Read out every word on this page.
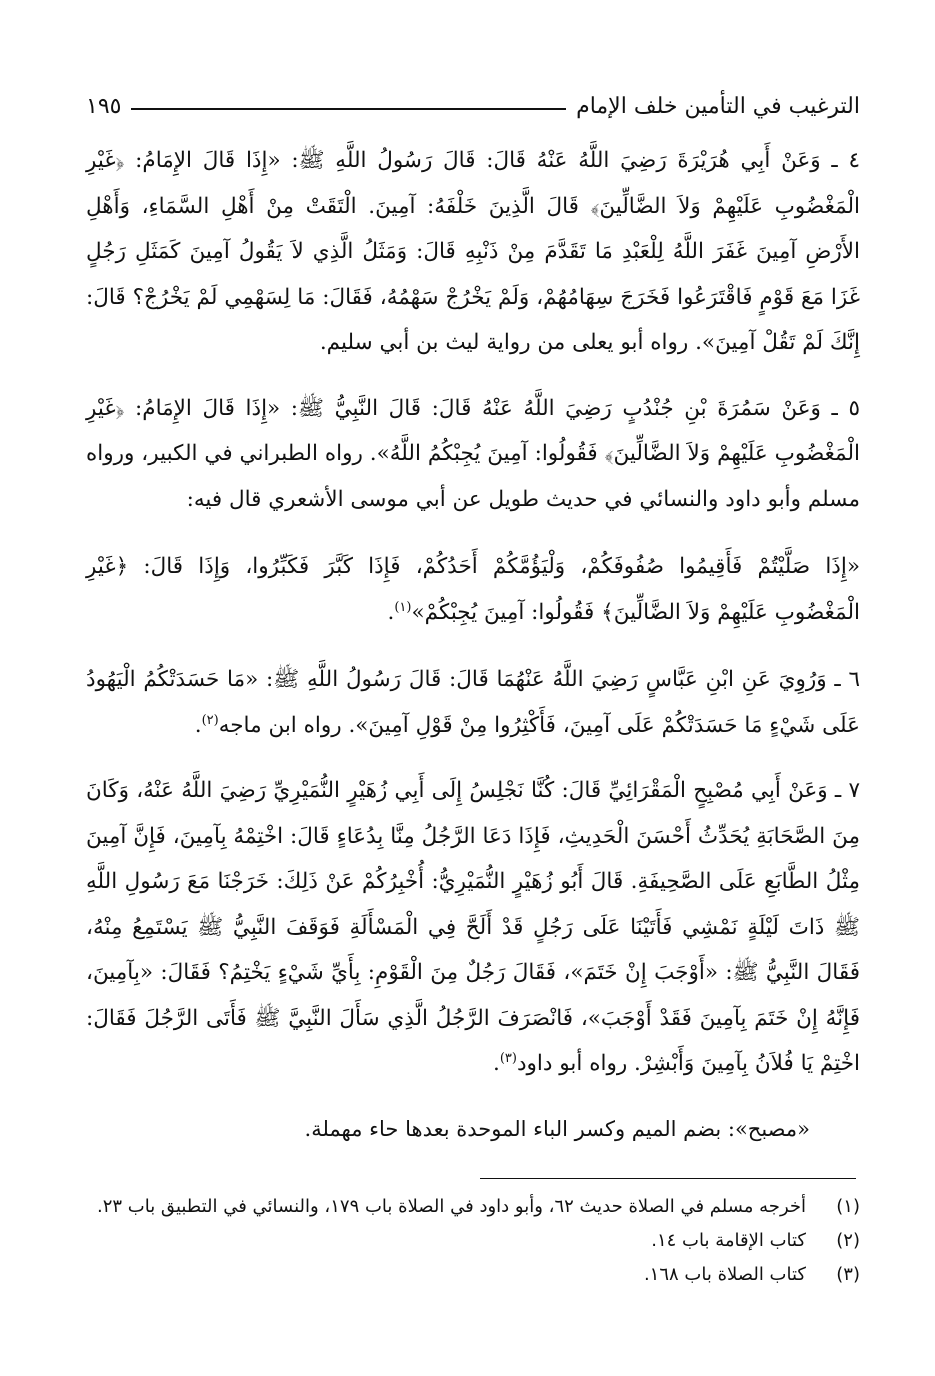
الترغيب في التأمين خلف الإمام
١٩٥

٤ ـ وَعَنْ أَبِي هُرَيْرَةَ رَضِيَ اللَّهُ عَنْهُ قَالَ: قَالَ رَسُولُ اللَّهِ ﷺ: «إِذَا قَالَ الإِمَامُ: ﴿غَيْرِ الْمَغْضُوبِ عَلَيْهِمْ وَلاَ الضَّالِّينَ﴾ قَالَ الَّذِينَ خَلْفَهُ: آمِينَ. الْتَقَتْ مِنْ أَهْلِ السَّمَاءِ، وَأَهْلِ الأَرْضِ آمِينَ غَفَرَ اللَّهُ لِلْعَبْدِ مَا تَقَدَّمَ مِنْ ذَنْبِهِ قَالَ: وَمَثَلُ الَّذِي لاَ يَقُولُ آمِينَ كَمَثَلِ رَجُلٍ غَزَا مَعَ قَوْمٍ فَاقْتَرَعُوا فَخَرَجَ سِهَامُهُمْ، وَلَمْ يَخْرُجْ سَهْمُهُ، فَقَالَ: مَا لِسَهْمِي لَمْ يَخْرُجْ؟ قَالَ: إِنَّكَ لَمْ تَقُلْ آمِينَ». رواه أبو يعلى من رواية ليث بن أبي سليم.

٥ ـ وَعَنْ سَمُرَةَ بْنِ جُنْدُبٍ رَضِيَ اللَّهُ عَنْهُ قَالَ: قَالَ النَّبِيُّ ﷺ: «إِذَا قَالَ الإِمَامُ: ﴿غَيْرِ الْمَغْضُوبِ عَلَيْهِمْ وَلاَ الضَّالِّينَ﴾ فَقُولُوا: آمِينَ يُجِبْكُمُ اللَّهُ». رواه الطبراني في الكبير، ورواه مسلم وأبو داود والنسائي في حديث طويل عن أبي موسى الأشعري قال فيه:

«إِذَا صَلَّيْتُمْ فَأَقِيمُوا صُفُوفَكُمْ، وَلْيَؤُمَّكُمْ أَحَدُكُمْ، فَإِذَا كَبَّرَ فَكَبِّرُوا، وَإِذَا قَالَ: ﴿غَيْرِ الْمَغْضُوبِ عَلَيْهِمْ وَلاَ الضَّالِّينَ﴾ فَقُولُوا: آمِينَ يُجِبْكُمْ»$^{(١)}$.

٦ ـ وَرُوِيَ عَنِ ابْنِ عَبَّاسٍ رَضِيَ اللَّهُ عَنْهُمَا قَالَ: قَالَ رَسُولُ اللَّهِ ﷺ: «مَا حَسَدَتْكُمُ الْيَهُودُ عَلَى شَيْءٍ مَا حَسَدَتْكُمْ عَلَى آمِينَ، فَأَكْثِرُوا مِنْ قَوْلِ آمِينَ». رواه ابن ماجه$^{(٢)}$.

٧ ـ وَعَنْ أَبِي مُصْبِحٍ الْمَقْرَائِيِّ قَالَ: كُنَّا نَجْلِسُ إِلَى أَبِي زُهَيْرٍ النُّمَيْرِيِّ رَضِيَ اللَّهُ عَنْهُ، وَكَانَ مِنَ الصَّحَابَةِ يُحَدِّثُ أَحْسَنَ الْحَدِيثِ، فَإِذَا دَعَا الرَّجُلُ مِنَّا بِدُعَاءٍ قَالَ: اخْتِمْهُ بِآمِينَ، فَإِنَّ آمِينَ مِثْلُ الطَّابَعِ عَلَى الصَّحِيفَةِ. قَالَ أَبُو زُهَيْرٍ النُّمَيْرِيُّ: أُخْبِرُكُمْ عَنْ ذَلِكَ: خَرَجْنَا مَعَ رَسُولِ اللَّهِ ﷺ ذَاتَ لَيْلَةٍ نَمْشِي فَأَتَيْنَا عَلَى رَجُلٍ قَدْ أَلَحَّ فِي الْمَسْأَلَةِ فَوَقَفَ النَّبِيُّ ﷺ يَسْتَمِعُ مِنْهُ، فَقَالَ النَّبِيُّ ﷺ: «أَوْجَبَ إِنْ خَتَمَ»، فَقَالَ رَجُلٌ مِنَ الْقَوْمِ: بِأَيِّ شَيْءٍ يَخْتِمُ؟ فَقَالَ: «بِآمِينَ، فَإِنَّهُ إِنْ خَتَمَ بِآمِينَ فَقَدْ أَوْجَبَ»، فَانْصَرَفَ الرَّجُلُ الَّذِي سَأَلَ النَّبِيَّ ﷺ فَأَتَى الرَّجُلَ فَقَالَ: اخْتِمْ يَا فُلاَنُ بِآمِينَ وَأَبْشِرْ. رواه أبو داود$^{(٣)}$.

«مصبح»: بضم الميم وكسر الباء الموحدة بعدها حاء مهملة.

(١)
أخرجه مسلم في الصلاة حديث ٦٢، وأبو داود في الصلاة باب ١٧٩، والنسائي في التطبيق باب ٢٣.
(٢)
كتاب الإقامة باب ١٤.
(٣)
كتاب الصلاة باب ١٦٨.
